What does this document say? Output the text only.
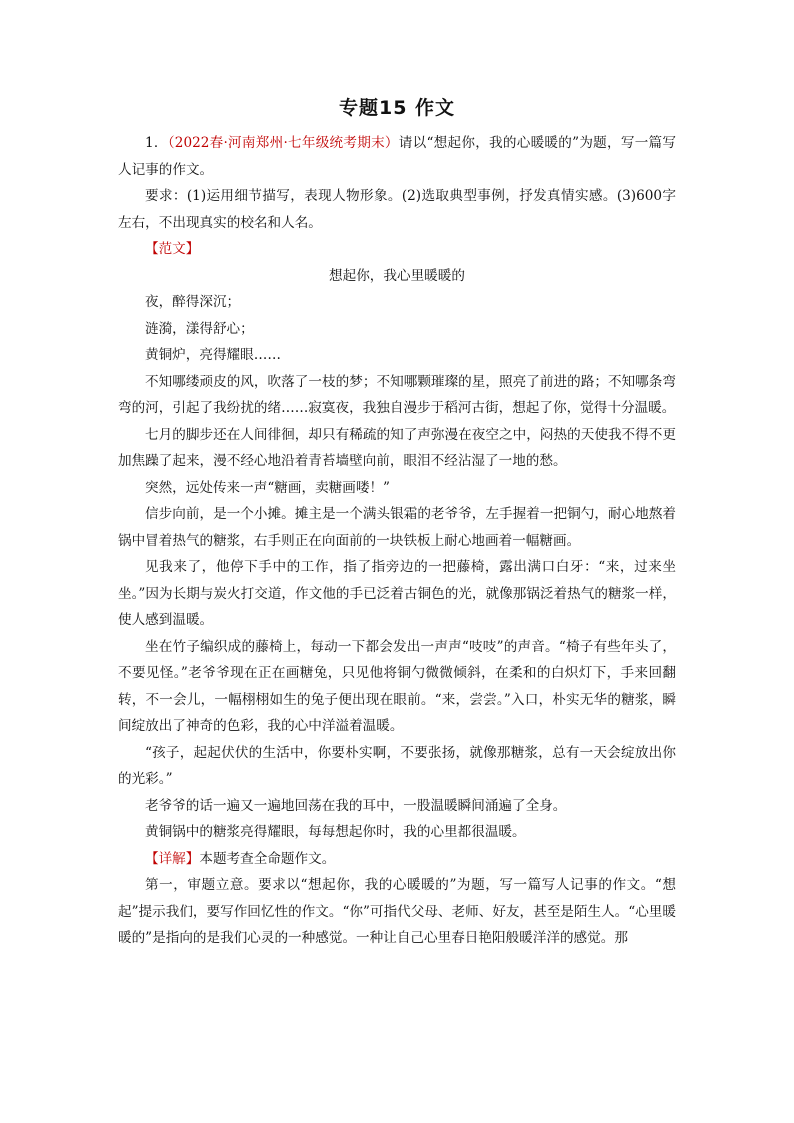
专题15 作文

1．（2022春·河南郑州·七年级统考期末）请以“想起你，我的心暖暖的”为题，写一篇写人记事的作文。

要求：(1)运用细节描写，表现人物形象。(2)选取典型事例，抒发真情实感。(3)600字左右，不出现真实的校名和人名。

【范文】

想起你，我心里暖暖的

夜，醉得深沉；

涟漪，漾得舒心；

黄铜炉，亮得耀眼……

不知哪缕顽皮的风，吹落了一枝的梦；不知哪颗璀璨的星，照亮了前进的路；不知哪条弯弯的河，引起了我纷扰的绪……寂寞夜，我独自漫步于稻河古街，想起了你，觉得十分温暖。

七月的脚步还在人间徘徊，却只有稀疏的知了声弥漫在夜空之中，闷热的天使我不得不更加焦躁了起来，漫不经心地沿着青苔墙壁向前，眼泪不经沾湿了一地的愁。

突然，远处传来一声“糖画，卖糖画喽！”

信步向前，是一个小摊。摊主是一个满头银霜的老爷爷，左手握着一把铜勺，耐心地熬着锅中冒着热气的糖浆，右手则正在向面前的一块铁板上耐心地画着一幅糖画。

见我来了，他停下手中的工作，指了指旁边的一把藤椅，露出满口白牙：“来，过来坐坐。”因为长期与炭火打交道，作文他的手已泛着古铜色的光，就像那锅泛着热气的糖浆一样，使人感到温暖。

坐在竹子编织成的藤椅上，每动一下都会发出一声声“吱吱”的声音。“椅子有些年头了，不要见怪。”老爷爷现在正在画糖兔，只见他将铜勺微微倾斜，在柔和的白炽灯下，手来回翻转，不一会儿，一幅栩栩如生的兔子便出现在眼前。“来，尝尝。”入口，朴实无华的糖浆，瞬间绽放出了神奇的色彩，我的心中洋溢着温暖。

“孩子，起起伏伏的生活中，你要朴实啊，不要张扬，就像那糖浆，总有一天会绽放出你的光彩。”

老爷爷的话一遍又一遍地回荡在我的耳中，一股温暖瞬间涌遍了全身。

黄铜锅中的糖浆亮得耀眼，每每想起你时，我的心里都很温暖。

【详解】本题考查全命题作文。

第一，审题立意。要求以“想起你，我的心暖暖的”为题，写一篇写人记事的作文。“想起”提示我们，要写作回忆性的作文。“你”可指代父母、老师、好友，甚至是陌生人。“心里暖暖的”是指向的是我们心灵的一种感觉。一种让自己心里春日艳阳般暖洋洋的感觉。那
